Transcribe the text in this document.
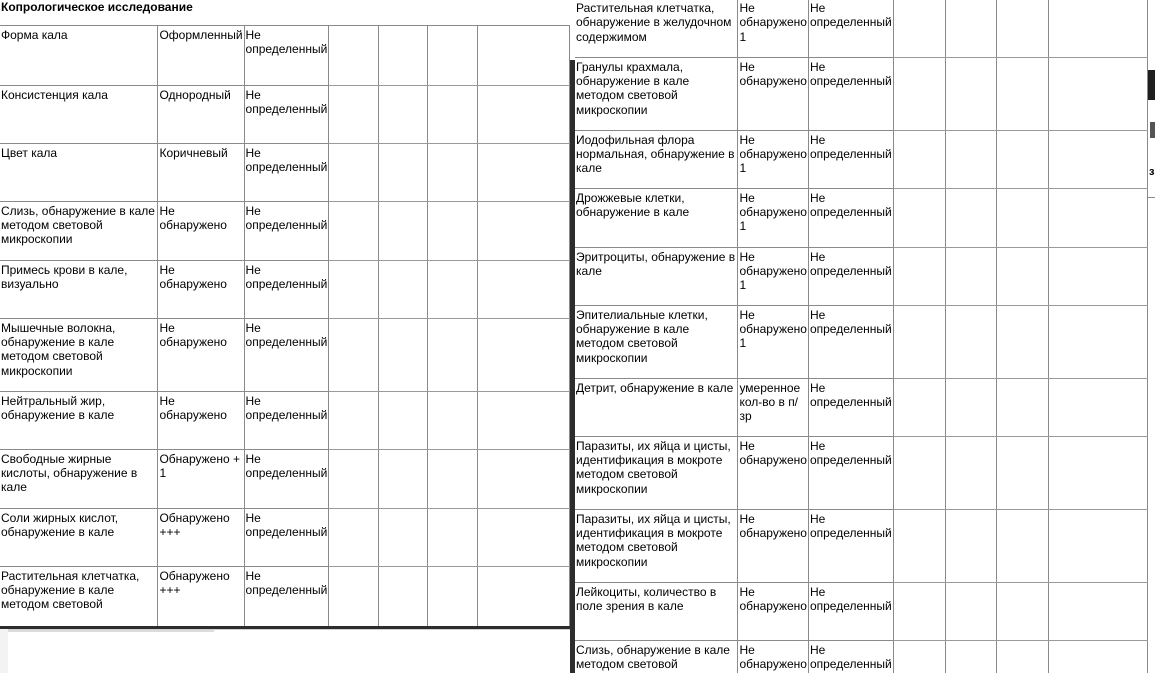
Копрологическое исследование
Форма кала	Оформленный	Не определенный				
Консистенция кала	Однородный	Не определенный				
Цвет кала	Коричневый	Не определенный				
Слизь, обнаружение в кале методом световой микроскопии	Не обнаружено	Не определенный				
Примесь крови в кале, визуально	Не обнаружено	Не определенный				
Мышечные волокна, обнаружение в кале методом световой микроскопии	Не обнаружено	Не определенный				
Нейтральный жир, обнаружение в кале	Не обнаружено	Не определенный				
Свободные жирные кислоты, обнаружение в кале	Обнаружено + 1	Не определенный				
Соли жирных кислот, обнаружение в кале	Обнаружено +++	Не определенный				
Растительная клетчатка, обнаружение в кале методом световой	Обнаружено +++	Не определенный				
Растительная клетчатка, обнаружение в желудочном содержимом	Не обнаружено 1	Не определенный				
Гранулы крахмала, обнаружение в кале методом световой микроскопии	Не обнаружено	Не определенный				
Иодофильная флора нормальная, обнаружение в кале	Не обнаружено 1	Не определенный				
Дрожжевые клетки, обнаружение в кале	Не обнаружено 1	Не определенный				
Эритроциты, обнаружение в кале	Не обнаружено 1	Не определенный				
Эпителиальные клетки, обнаружение в кале методом световой микроскопии	Не обнаружено 1	Не определенный				
Детрит, обнаружение в кале	умеренное кол-во в п/зр	Не определенный				
Паразиты, их яйца и цисты, идентификация в мокроте методом световой микроскопии	Не обнаружено	Не определенный				
Паразиты, их яйца и цисты, идентификация в мокроте методом световой микроскопии	Не обнаружено	Не определенный				
Лейкоциты, количество в поле зрения в кале	Не обнаружено	Не определенный				
Слизь, обнаружение в кале методом световой	Не обнаружено	Не определенный				
з
